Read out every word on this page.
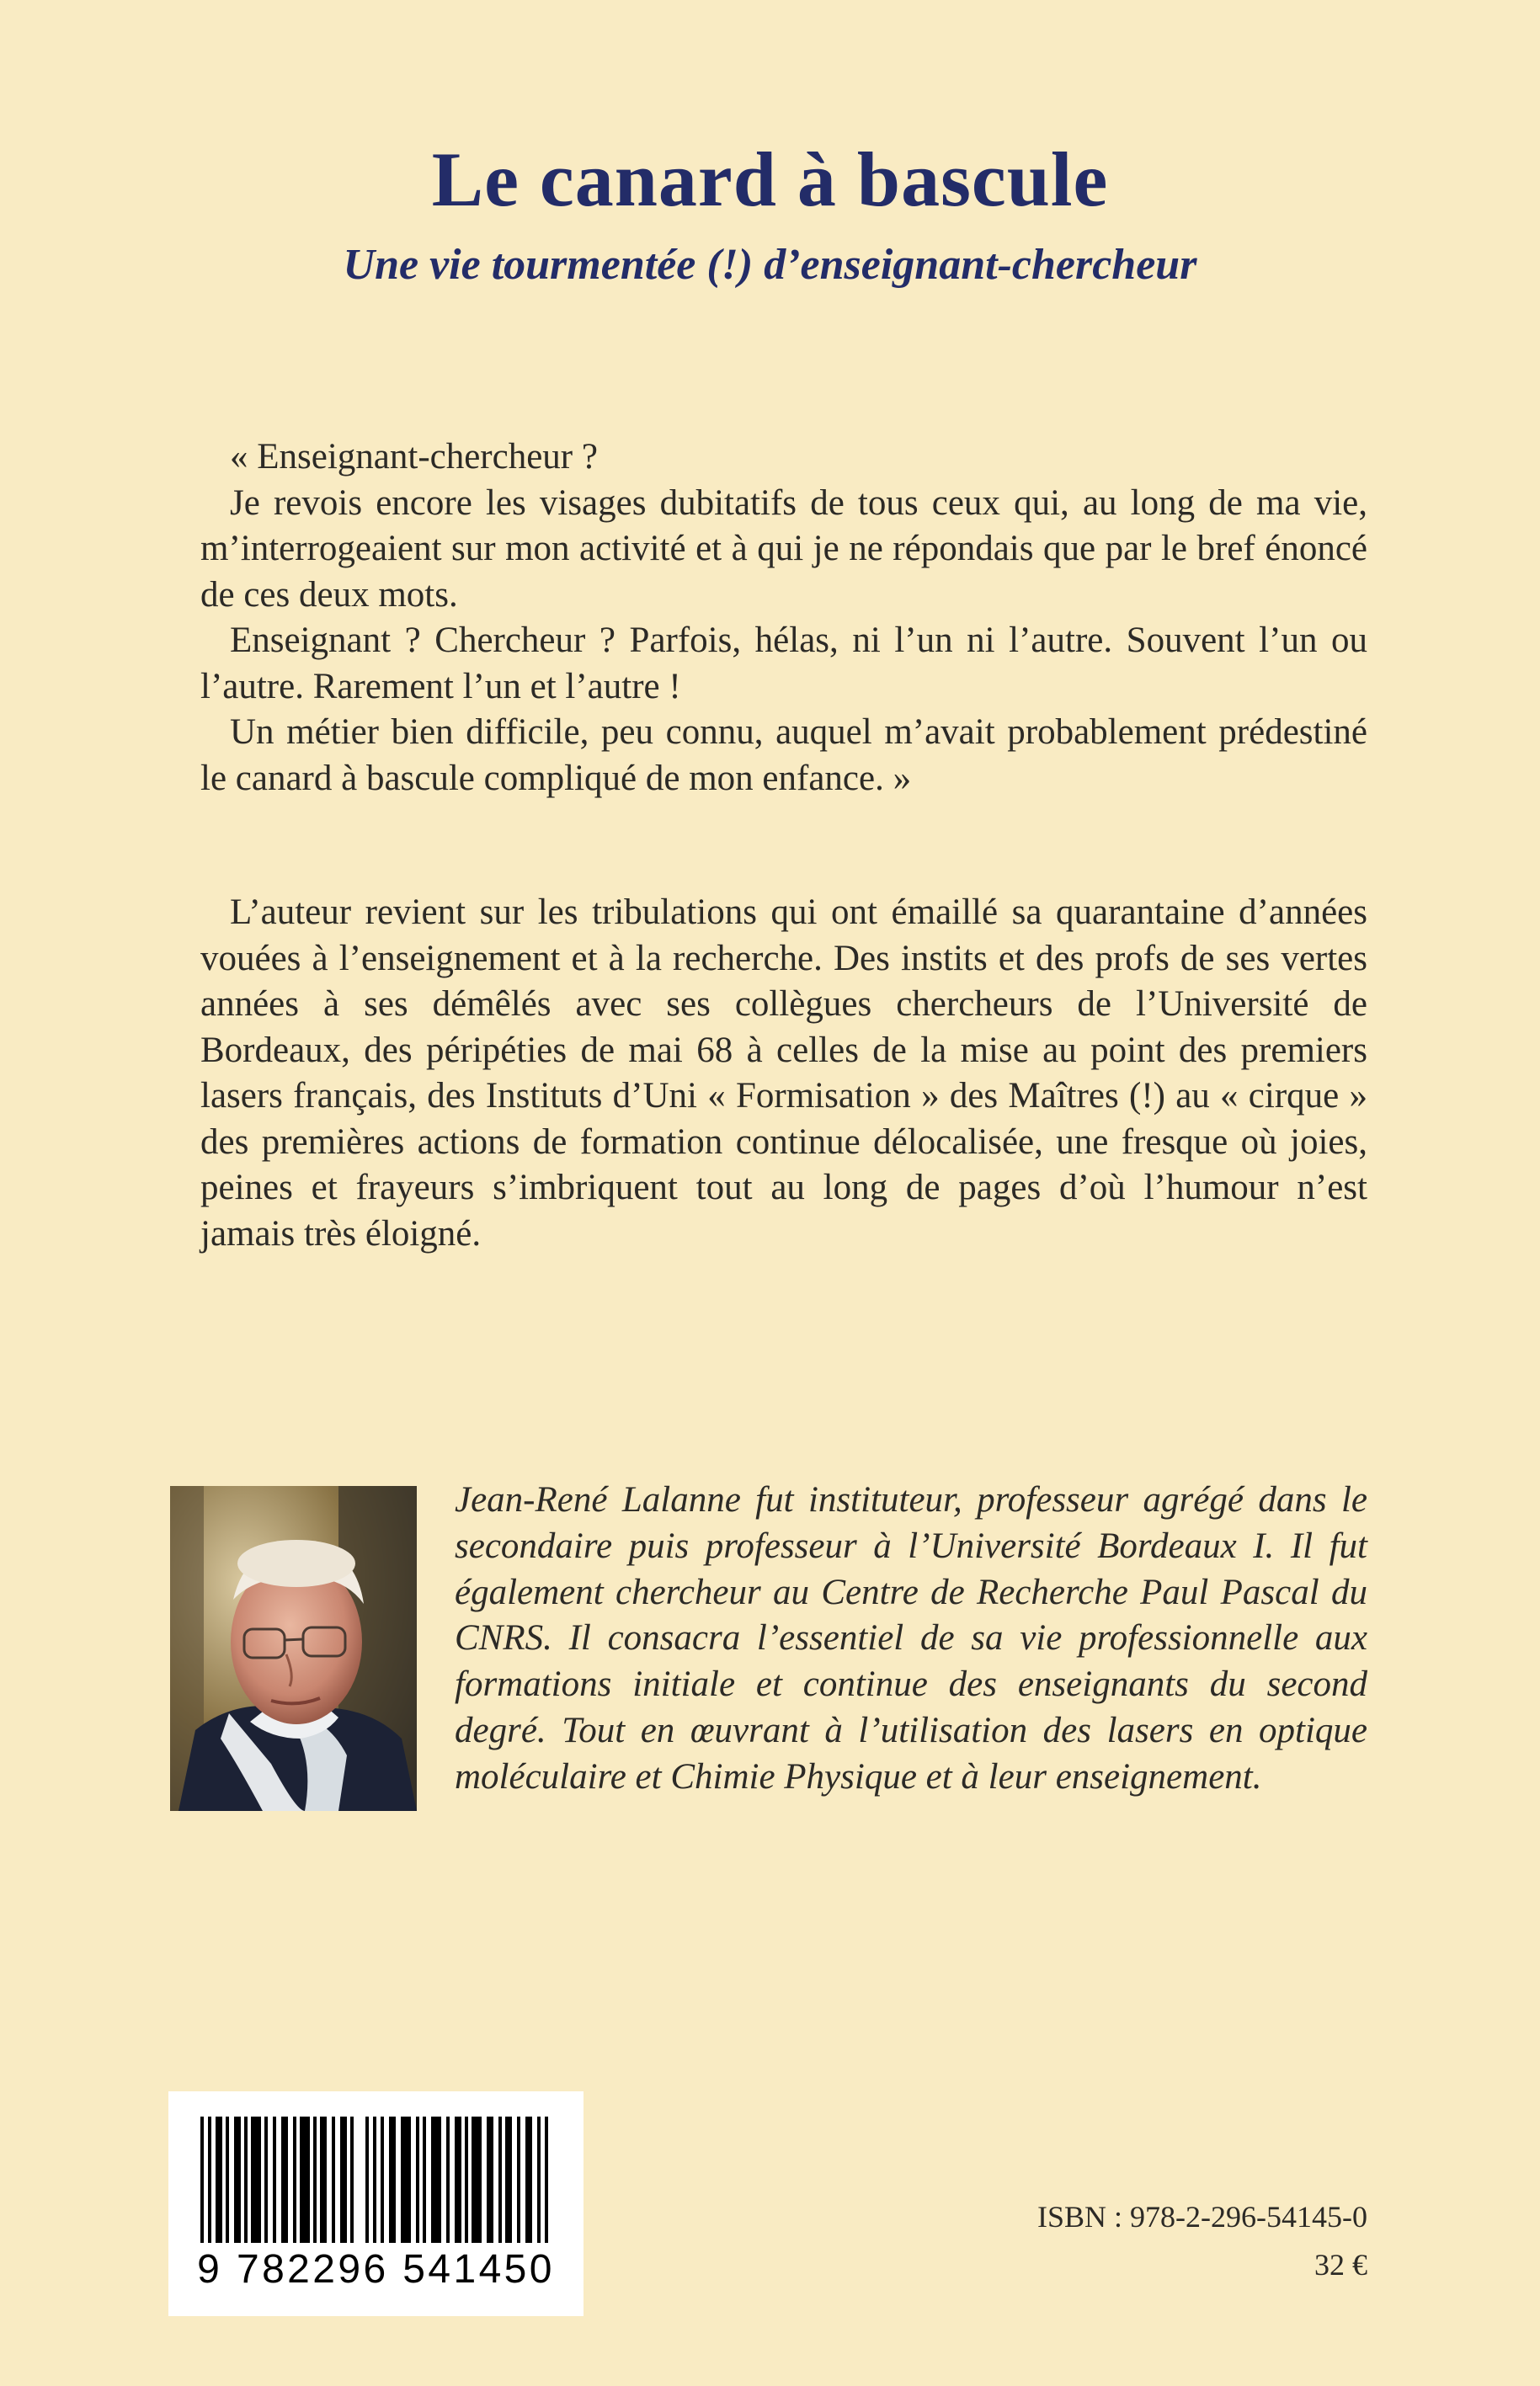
Le canard à bascule
Une vie tourmentée (!) d’enseignant-chercheur

« Enseignant-chercheur ?

Je revois encore les visages dubitatifs de tous ceux qui, au long de ma vie, m’interrogeaient sur mon activité et à qui je ne répondais que par le bref énoncé de ces deux mots.

Enseignant ? Chercheur ? Parfois, hélas, ni l’un ni l’autre. Souvent l’un ou l’autre. Rarement l’un et l’autre !

Un métier bien difficile, peu connu, auquel m’avait probablement prédestiné le canard à bascule compliqué de mon enfance. »

L’auteur revient sur les tribulations qui ont émaillé sa quarantaine d’années vouées à l’enseignement et à la recherche. Des instits et des profs de ses vertes années à ses démêlés avec ses collègues chercheurs de l’Université de Bordeaux, des péripéties de mai 68 à celles de la mise au point des premiers lasers français, des Instituts d’Uni « Formisation » des Maîtres (!) au « cirque » des premières actions de formation continue délocalisée, une fresque où joies, peines et frayeurs s’imbriquent tout au long de pages d’où l’humour n’est jamais très éloigné.

Jean-René Lalanne fut instituteur, professeur agrégé dans le secondaire puis professeur à l’Université Bordeaux I. Il fut également chercheur au Centre de Recherche Paul Pascal du CNRS. Il consacra l’essentiel de sa vie professionnelle aux formations initiale et continue des enseignants du second degré. Tout en œuvrant à l’utilisation des lasers en optique moléculaire et Chimie Physique et à leur enseignement.
9 782296 541450

ISBN : 978-2-296-54145-0

32 €
